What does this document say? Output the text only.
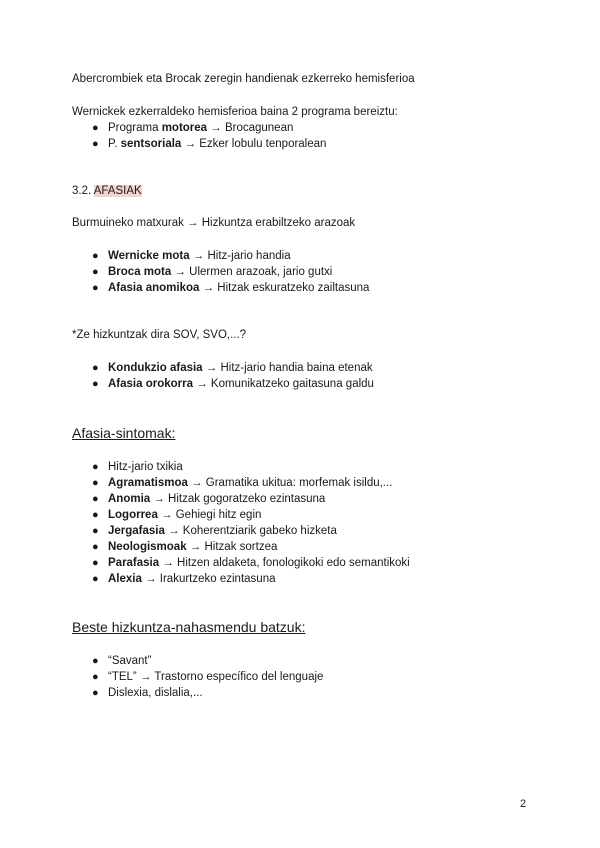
Abercrombiek eta Brocak zeregin handienak ezkerreko hemisferioa
Wernickek ezkerraldeko hemisferioa baina 2 programa bereiztu:
● Programa motorea → Brocagunean
● P. sentsoriala → Ezker lobulu tenporalean
3.2. AFASIAK
Burmuineko matxurak → Hizkuntza erabiltzeko arazoak
● Wernicke mota → Hitz-jario handia
● Broca mota → Ulermen arazoak, jario gutxi
● Afasia anomikoa → Hitzak eskuratzeko zailtasuna
*Ze hizkuntzak dira SOV, SVO,...?
● Kondukzio afasia → Hitz-jario handia baina etenak
● Afasia orokorra → Komunikatzeko gaitasuna galdu
Afasia-sintomak:
● Hitz-jario txikia
● Agramatismoa → Gramatika ukitua: morfemak isildu,...
● Anomia → Hitzak gogoratzeko ezintasuna
● Logorrea → Gehiegi hitz egin
● Jergafasia → Koherentziarik gabeko hizketa
● Neologismoak → Hitzak sortzea
● Parafasia → Hitzen aldaketa, fonologikoki edo semantikoki
● Alexia → Irakurtzeko ezintasuna
Beste hizkuntza-nahasmendu batzuk:
● “Savant”
● “TEL” → Trastorno específico del lenguaje
● Dislexia, dislalia,...
2
